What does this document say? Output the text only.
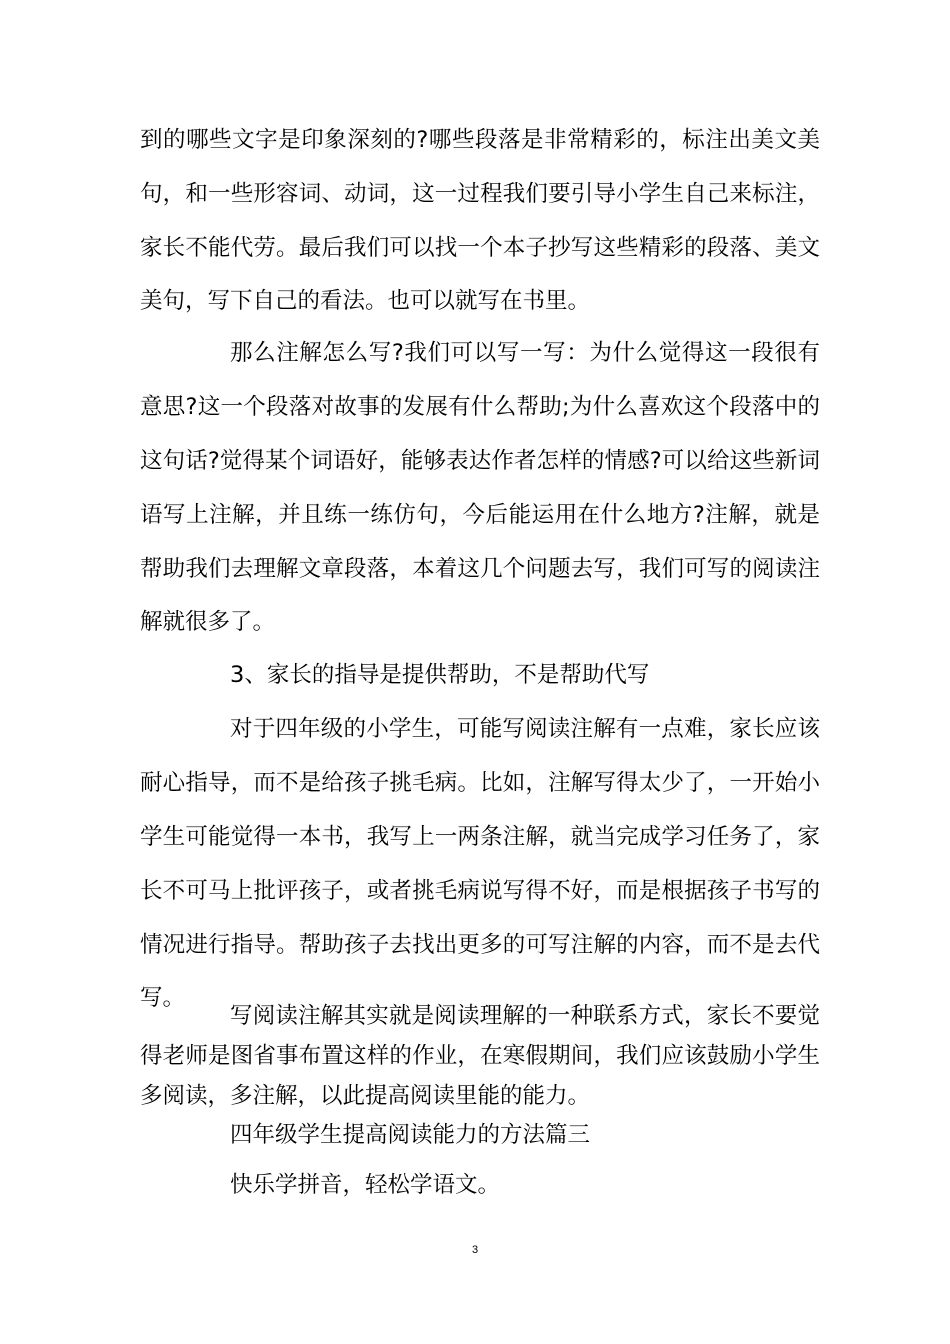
到的哪些文字是印象深刻的?哪些段落是非常精彩的，标注出美文美
句，和一些形容词、动词，这一过程我们要引导小学生自己来标注，
家长不能代劳。最后我们可以找一个本子抄写这些精彩的段落、美文
美句，写下自己的看法。也可以就写在书里。
那么注解怎么写?我们可以写一写：为什么觉得这一段很有
意思?这一个段落对故事的发展有什么帮助;为什么喜欢这个段落中的
这句话?觉得某个词语好，能够表达作者怎样的情感?可以给这些新词
语写上注解，并且练一练仿句，今后能运用在什么地方?注解，就是
帮助我们去理解文章段落，本着这几个问题去写，我们可写的阅读注
解就很多了。
3、家长的指导是提供帮助，不是帮助代写
对于四年级的小学生，可能写阅读注解有一点难，家长应该
耐心指导，而不是给孩子挑毛病。比如，注解写得太少了，一开始小
学生可能觉得一本书，我写上一两条注解，就当完成学习任务了，家
长不可马上批评孩子，或者挑毛病说写得不好，而是根据孩子书写的
情况进行指导。帮助孩子去找出更多的可写注解的内容，而不是去代
写。
写阅读注解其实就是阅读理解的一种联系方式，家长不要觉
得老师是图省事布置这样的作业，在寒假期间，我们应该鼓励小学生
多阅读，多注解，以此提高阅读里能的能力。
四年级学生提高阅读能力的方法篇三
快乐学拼音，轻松学语文。
3
